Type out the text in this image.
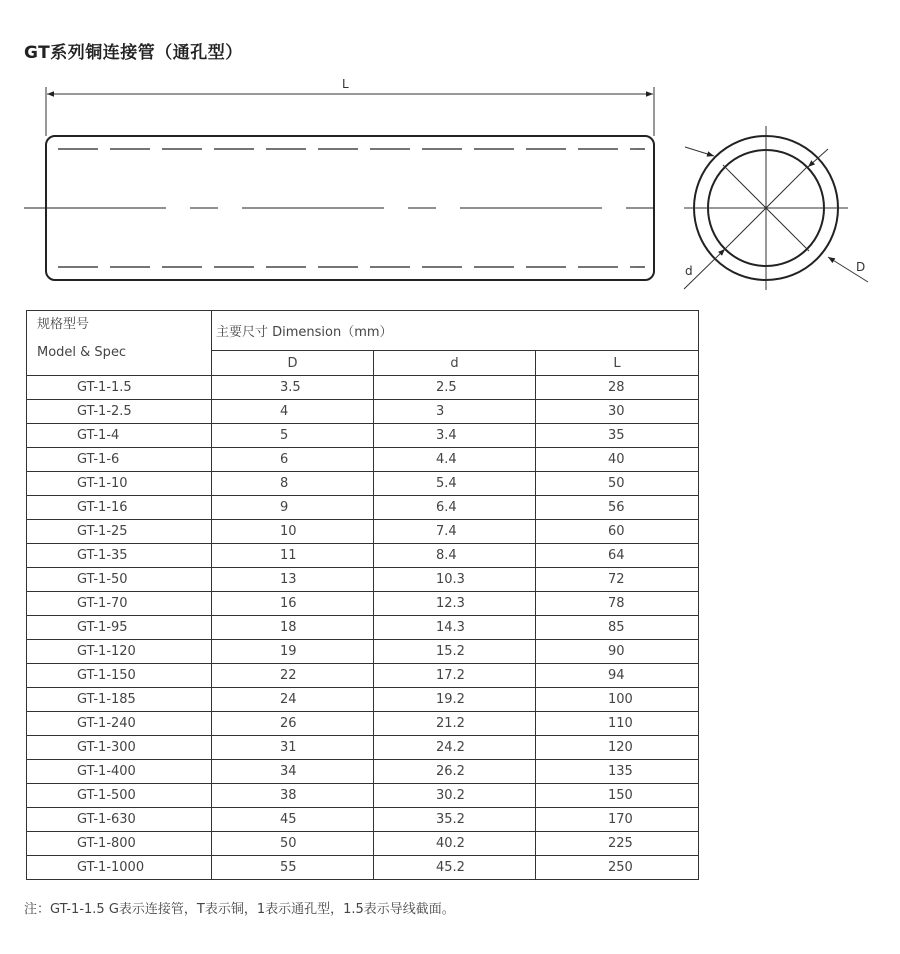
GT系列铜连接管（通孔型）
L
d	D
规格型号
Model & Spec	主要尺寸 Dimension（mm）		
	D	d	L
GT-1-1.5	3.5	2.5	28
GT-1-2.5	4	3	30
GT-1-4	5	3.4	35
GT-1-6	6	4.4	40
GT-1-10	8	5.4	50
GT-1-16	9	6.4	56
GT-1-25	10	7.4	60
GT-1-35	11	8.4	64
GT-1-50	13	10.3	72
GT-1-70	16	12.3	78
GT-1-95	18	14.3	85
GT-1-120	19	15.2	90
GT-1-150	22	17.2	94
GT-1-185	24	19.2	100
GT-1-240	26	21.2	110
GT-1-300	31	24.2	120
GT-1-400	34	26.2	135
GT-1-500	38	30.2	150
GT-1-630	45	35.2	170
GT-1-800	50	40.2	225
GT-1-1000	55	45.2	250
注：GT-1-1.5 G表示连接管，T表示铜，1表示通孔型，1.5表示导线截面。
